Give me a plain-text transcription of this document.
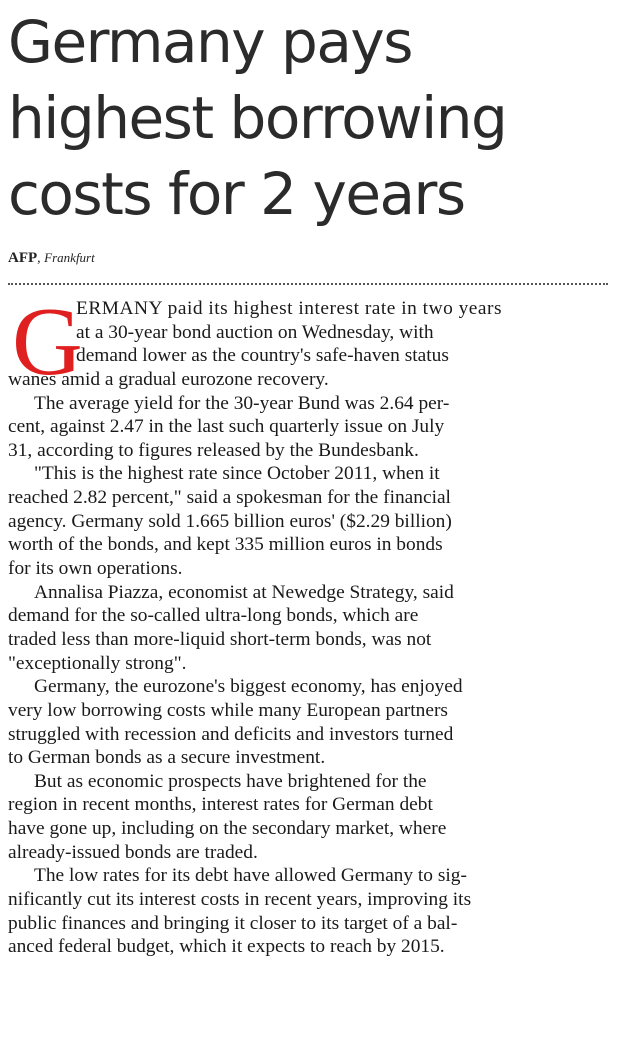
Germany pays
highest borrowing
costs for 2 years
AFP, Frankfurt
G
ERMANY paid its highest interest rate in two years
at a 30-year bond auction on Wednesday, with
demand lower as the country's safe-haven status
wanes amid a gradual eurozone recovery.
The average yield for the 30-year Bund was 2.64 per-
cent, against 2.47 in the last such quarterly issue on July
31, according to figures released by the Bundesbank.
"This is the highest rate since October 2011, when it
reached 2.82 percent," said a spokesman for the financial
agency. Germany sold 1.665 billion euros' ($2.29 billion)
worth of the bonds, and kept 335 million euros in bonds
for its own operations.
Annalisa Piazza, economist at Newedge Strategy, said
demand for the so-called ultra-long bonds, which are
traded less than more-liquid short-term bonds, was not
"exceptionally strong".
Germany, the eurozone's biggest economy, has enjoyed
very low borrowing costs while many European partners
struggled with recession and deficits and investors turned
to German bonds as a secure investment.
But as economic prospects have brightened for the
region in recent months, interest rates for German debt
have gone up, including on the secondary market, where
already-issued bonds are traded.
The low rates for its debt have allowed Germany to sig-
nificantly cut its interest costs in recent years, improving its
public finances and bringing it closer to its target of a bal-
anced federal budget, which it expects to reach by 2015.
